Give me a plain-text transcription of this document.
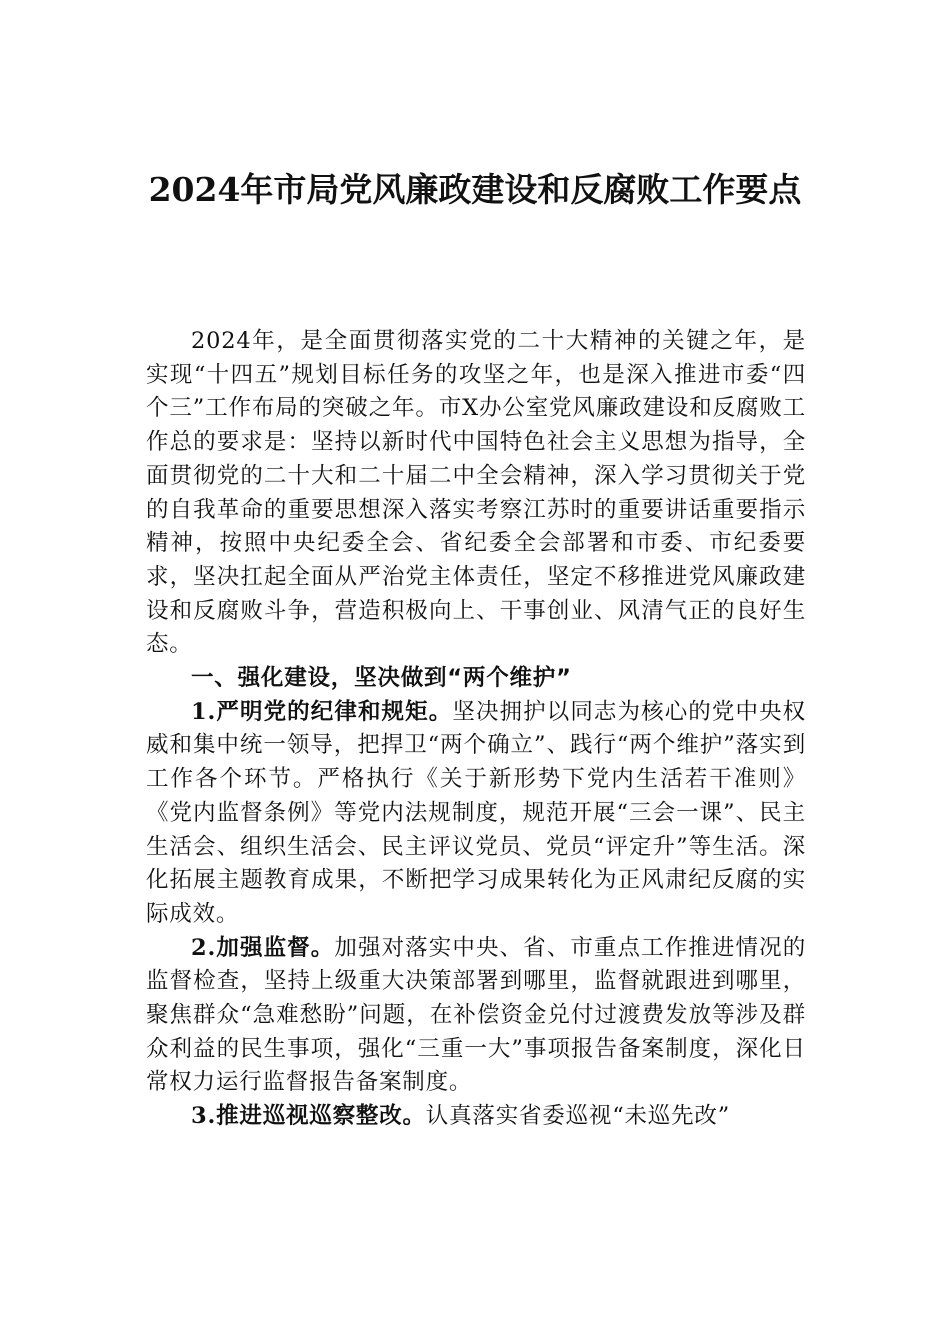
2024年市局党风廉政建设和反腐败工作要点

2024年，是全面贯彻落实党的二十大精神的关键之年，是实现“十四五”规划目标任务的攻坚之年，也是深入推进市委“四个三”工作布局的突破之年。市X办公室党风廉政建设和反腐败工作总的要求是：坚持以新时代中国特色社会主义思想为指导，全面贯彻党的二十大和二十届二中全会精神，深入学习贯彻关于党的自我革命的重要思想深入落实考察江苏时的重要讲话重要指示精神，按照中央纪委全会、省纪委全会部署和市委、市纪委要求，坚决扛起全面从严治党主体责任，坚定不移推进党风廉政建设和反腐败斗争，营造积极向上、干事创业、风清气正的良好生态。

一、强化建设，坚决做到“两个维护”

1.严明党的纪律和规矩。坚决拥护以同志为核心的党中央权威和集中统一领导，把捍卫“两个确立”、践行“两个维护”落实到工作各个环节。严格执行《关于新形势下党内生活若干准则》《党内监督条例》等党内法规制度，规范开展“三会一课”、民主生活会、组织生活会、民主评议党员、党员“评定升”等生活。深化拓展主题教育成果，不断把学习成果转化为正风肃纪反腐的实际成效。

2.加强监督。加强对落实中央、省、市重点工作推进情况的监督检查，坚持上级重大决策部署到哪里，监督就跟进到哪里，聚焦群众“急难愁盼”问题，在补偿资金兑付过渡费发放等涉及群众利益的民生事项，强化“三重一大”事项报告备案制度，深化日常权力运行监督报告备案制度。

3.推进巡视巡察整改。认真落实省委巡视“未巡先改”
